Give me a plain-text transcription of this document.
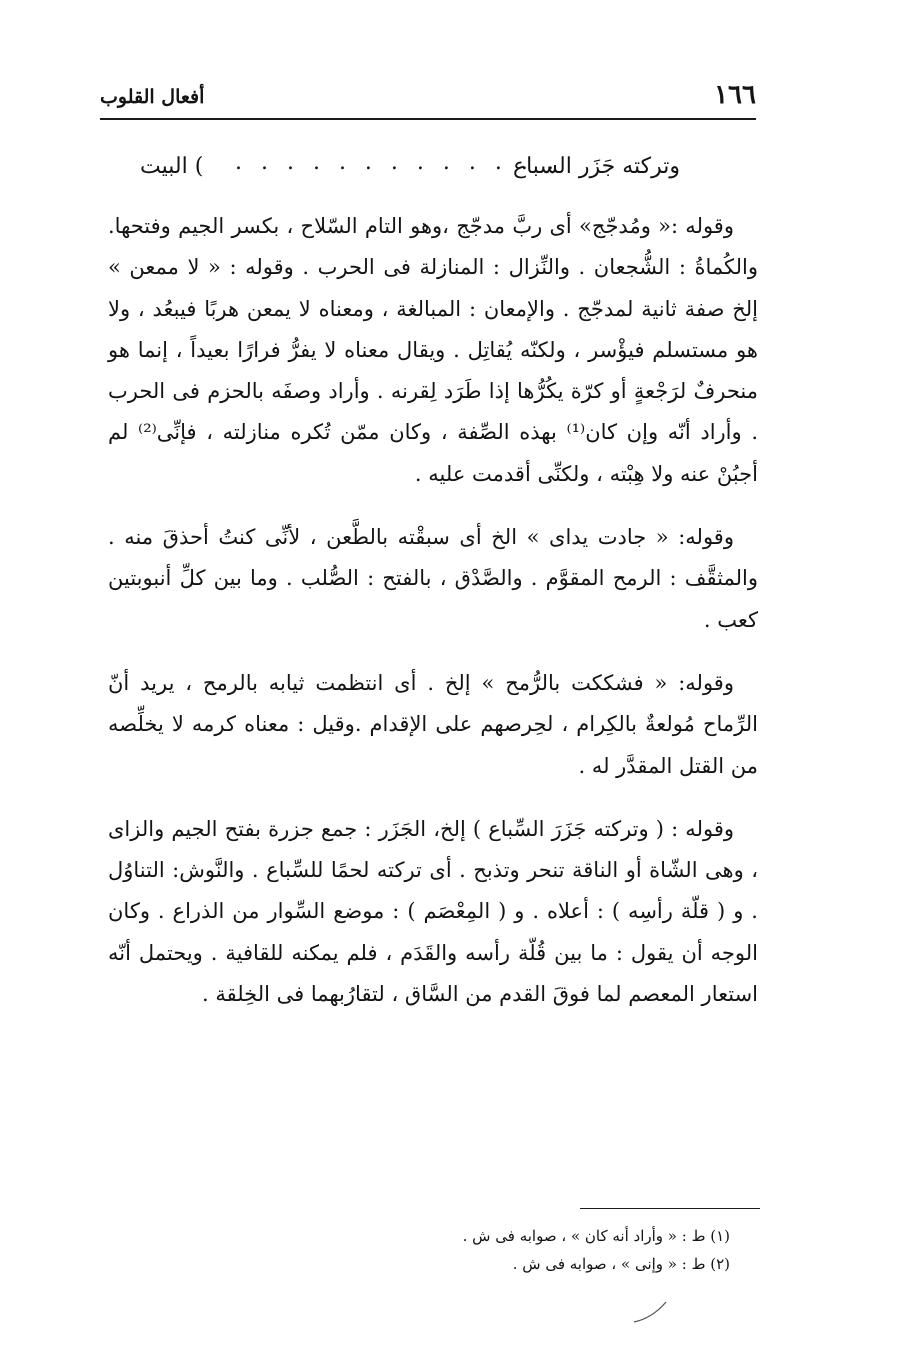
١٦٦
أفعال القلوب
وتركته جَزَر السباع
. . . . . . . . . . . . .
) البيت

وقوله :« ومُدجّج» أى ربَّ مدجّج ،وهو التام السّلاح ، بكسر الجيم وفتحها. والكُماةُ : الشُّجعان . والنِّزال : المنازلة فى الحرب . وقوله : « لا ممعن » إلخ صفة ثانية لمدجّج . والإمعان : المبالغة ، ومعناه لا يمعن هربًا فيبعُد ، ولا هو مستسلم فيؤْسر ، ولكنّه يُقاتِل . ويقال معناه لا يفرُّ فرارًا بعيداً ، إنما هو منحرفٌ لرَجْعةٍ أو كرّة يكُرُّها إذا طَرَد لِقرنه . وأراد وصفَه بالحزم فى الحرب . وأراد أنّه وإن كان⁽¹⁾ بهذه الصِّفة ، وكان ممّن تُكره منازلته ، فإنِّى⁽²⁾ لم أجبُنْ عنه ولا هِبْته ، ولكنِّى أقدمت عليه .

وقوله: « جادت يداى » الخ أى سبقْته بالطَّعن ، لأنِّى كنتُ أحذقَ منه . والمثقَّف : الرمح المقوَّم . والصَّدْق ، بالفتح : الصُّلب . وما بين كلِّ أنبوبتين كعب .

وقوله: « فشككت بالرُّمح » إلخ . أى انتظمت ثيابه بالرمح ، يريد أنّ الرِّماح مُولعةٌ بالكِرام ، لحِرصهم على الإقدام .وقيل : معناه كرمه لا يخلِّصه من القتل المقدَّر له .

وقوله : ( وتركته جَزَرَ السِّباع ) إلخ، الجَزَر : جمع جزرة بفتح الجيم والزاى ، وهى الشّاة أو الناقة تنحر وتذبح . أى تركته لحمًا للسِّباع . والنَّوش: التناوُل . و ( قلّة رأسِه ) : أعلاه . و ( المِعْصَم ) : موضع السِّوار من الذراع . وكان الوجه أن يقول : ما بين قُلّة رأسه والقَدَم ، فلم يمكنه للقافية . ويحتمل أنّه استعار المعصم لما فوقَ القدم من السَّاق ، لتقارُبهما فى الخِلقة .

(١) ط : « وأراد أنه كان » ، صوابه فى ش .

(٢) ط : « وإنى » ، صوابه فى ش .
